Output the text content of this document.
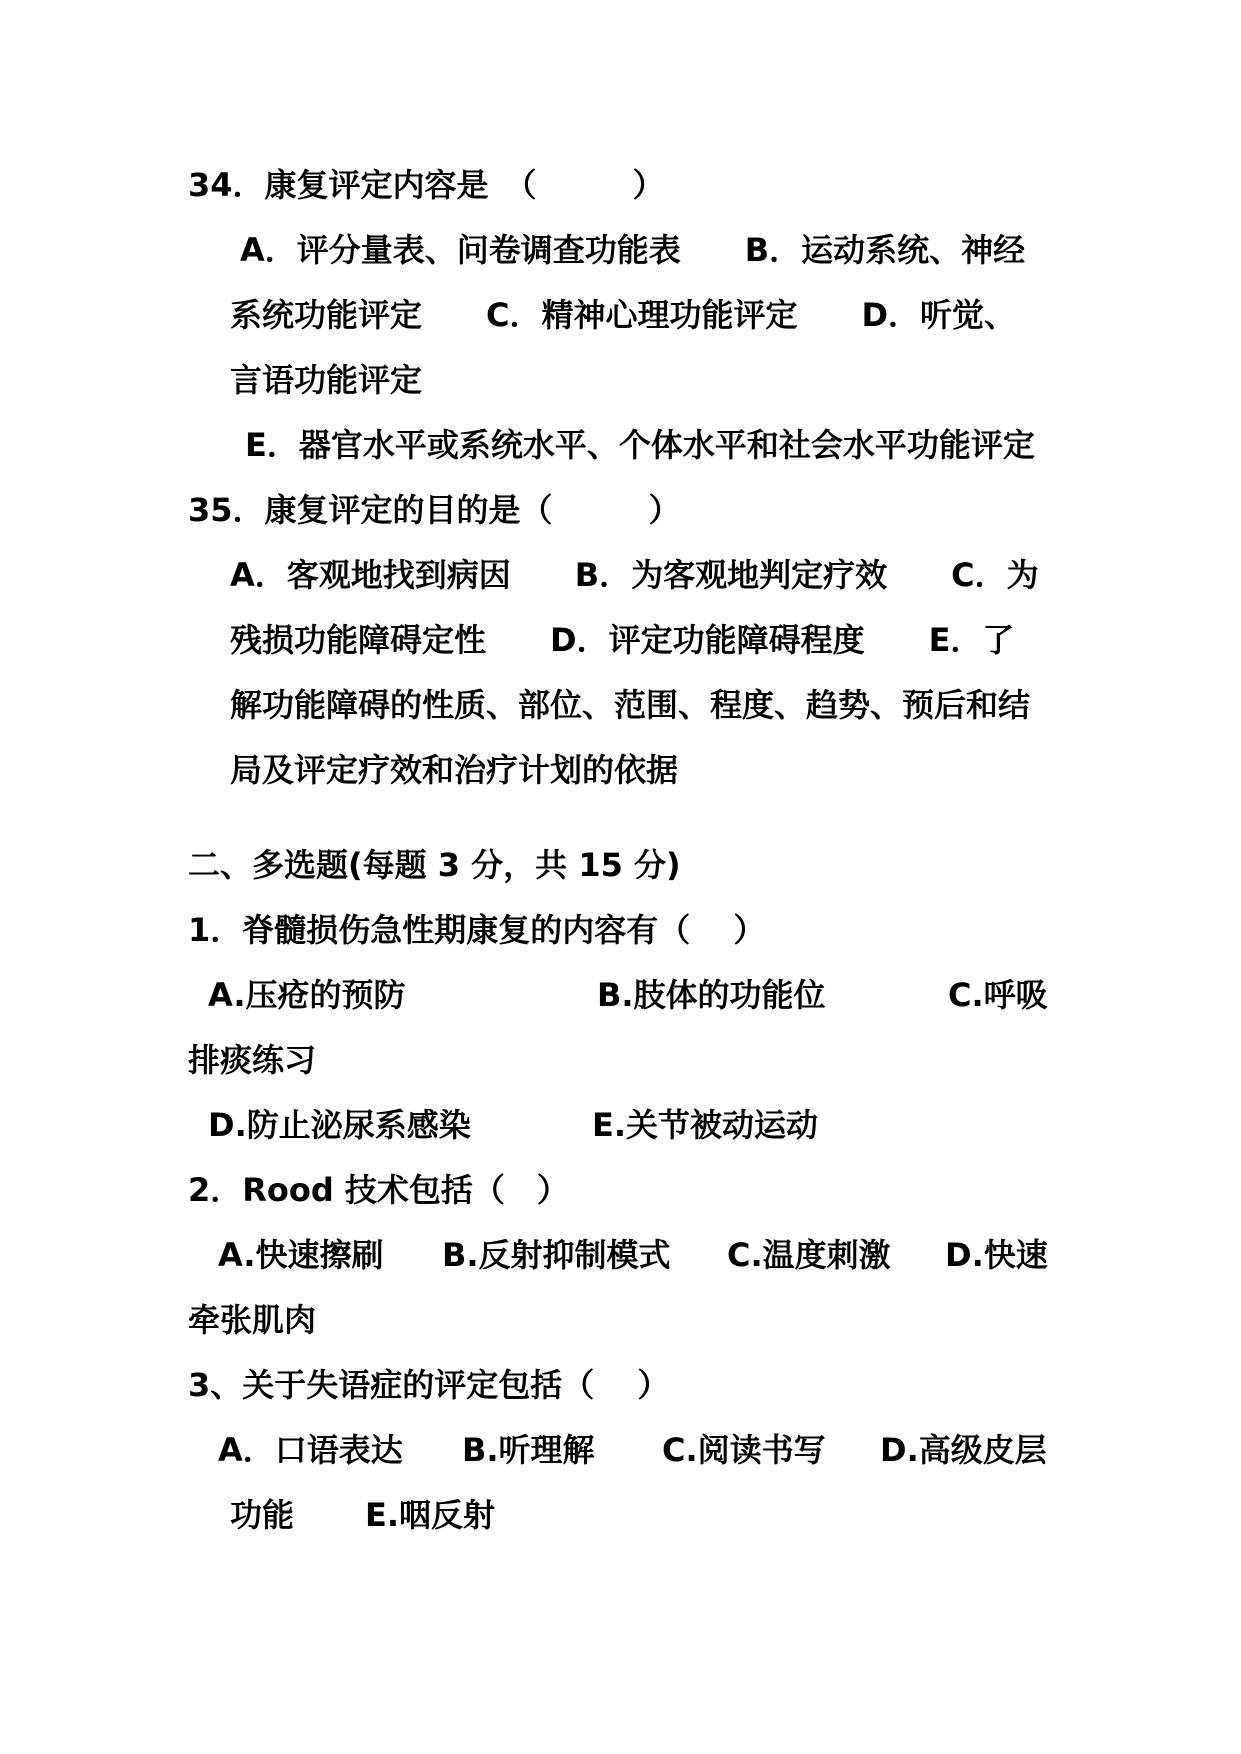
34．康复评定内容是　（　　　）
A．评分量表、问卷调查功能表　　B．运动系统、神经
系统功能评定　　C．精神心理功能评定　　D．听觉、
言语功能评定
E．器官水平或系统水平、个体水平和社会水平功能评定
35．康复评定的目的是（　　　）
A．客观地找到病因　　B．为客观地判定疗效　　C．为
残损功能障碍定性　　D．评定功能障碍程度　　E．了
解功能障碍的性质、部位、范围、程度、趋势、预后和结
局及评定疗效和治疗计划的依据
二、多选题(每题 3 分，共 15 分)
1．脊髓损伤急性期康复的内容有（　 ）
A.压疮的预防	B.肢体的功能位	C.呼吸
排痰练习
D.防止泌尿系感染	E.关节被动运动
2．Rood 技术包括（　）
A.快速擦刷 B.反射抑制模式 C.温度刺激 D.快速
牵张肌肉
3、关于失语症的评定包括（　 ）
A．口语表达 B.听理解 C.阅读书写 D.高级皮层
功能 E.咽反射
